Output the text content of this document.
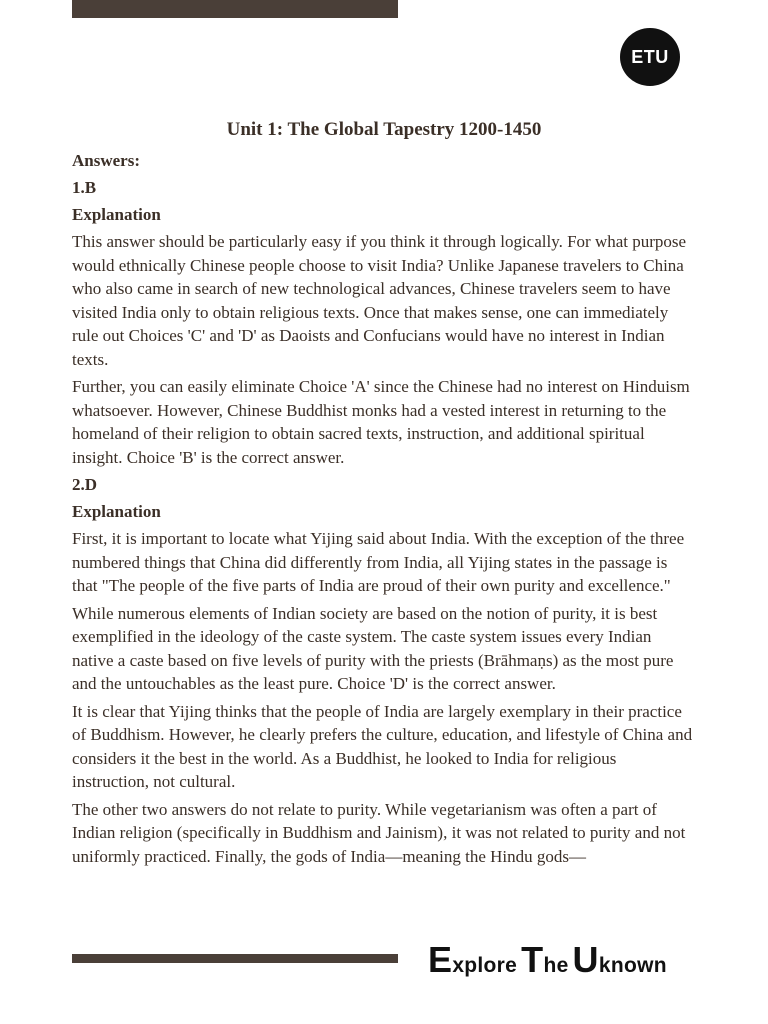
ETU
Unit 1: The Global Tapestry 1200-1450
Answers:
1.B
Explanation

This answer should be particularly easy if you think it through logically. For what purpose would ethnically Chinese people choose to visit India? Unlike Japanese travelers to China who also came in search of new technological advances, Chinese travelers seem to have visited India only to obtain religious texts. Once that makes sense, one can immediately rule out Choices 'C' and 'D' as Daoists and Confucians would have no interest in Indian texts.

Further, you can easily eliminate Choice 'A' since the Chinese had no interest on Hinduism whatsoever. However, Chinese Buddhist monks had a vested interest in returning to the homeland of their religion to obtain sacred texts, instruction, and additional spiritual insight. Choice 'B' is the correct answer.

2.D
Explanation

First, it is important to locate what Yijing said about India. With the exception of the three numbered things that China did differently from India, all Yijing states in the passage is that "The people of the five parts of India are proud of their own purity and excellence."

While numerous elements of Indian society are based on the notion of purity, it is best exemplified in the ideology of the caste system. The caste system issues every Indian native a caste based on five levels of purity with the priests (Brāhmaṇs) as the most pure and the untouchables as the least pure. Choice 'D' is the correct answer.

It is clear that Yijing thinks that the people of India are largely exemplary in their practice of Buddhism. However, he clearly prefers the culture, education, and lifestyle of China and considers it the best in the world. As a Buddhist, he looked to India for religious instruction, not cultural.

The other two answers do not relate to purity. While vegetarianism was often a part of Indian religion (specifically in Buddhism and Jainism), it was not related to purity and not uniformly practiced. Finally, the gods of India—meaning the Hindu gods—

E xplore T he U known
